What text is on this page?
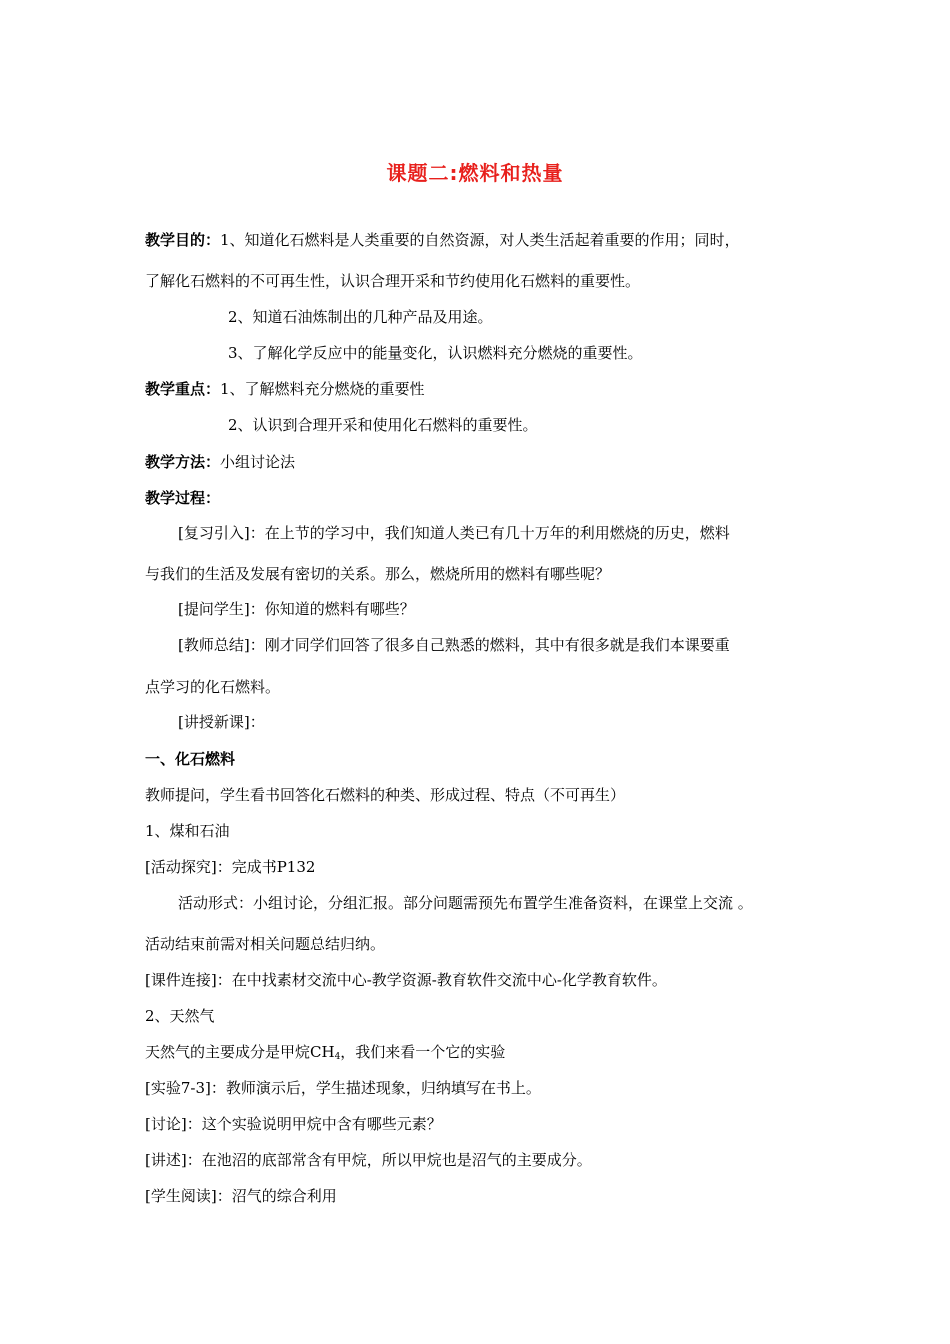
课题二:燃料和热量
教学目的：1、知道化石燃料是人类重要的自然资源，对人类生活起着重要的作用；同时，
了解化石燃料的不可再生性，认识合理开采和节约使用化石燃料的重要性。
2、知道石油炼制出的几种产品及用途。
3、了解化学反应中的能量变化，认识燃料充分燃烧的重要性。
教学重点：1、了解燃料充分燃烧的重要性
2、认识到合理开采和使用化石燃料的重要性。
教学方法：小组讨论法
教学过程：
[复习引入]：在上节的学习中，我们知道人类已有几十万年的利用燃烧的历史，燃料
与我们的生活及发展有密切的关系。那么，燃烧所用的燃料有哪些呢？
[提问学生]：你知道的燃料有哪些？
[教师总结]：刚才同学们回答了很多自己熟悉的燃料，其中有很多就是我们本课要重
点学习的化石燃料。
[讲授新课]：
一、化石燃料
教师提问，学生看书回答化石燃料的种类、形成过程、特点（不可再生）
1、煤和石油
[活动探究]：完成书P132
活动形式：小组讨论，分组汇报。部分问题需预先布置学生准备资料，在课堂上交流 。
活动结束前需对相关问题总结归纳。
[课件连接]：在中找素材交流中心-教学资源-教育软件交流中心-化学教育软件。
2、天然气
天然气的主要成分是甲烷$CH_4$，我们来看一个它的实验
[实验7-3]：教师演示后，学生描述现象，归纳填写在书上。
[讨论]：这个实验说明甲烷中含有哪些元素？
[讲述]：在池沼的底部常含有甲烷，所以甲烷也是沼气的主要成分。
[学生阅读]：沼气的综合利用
